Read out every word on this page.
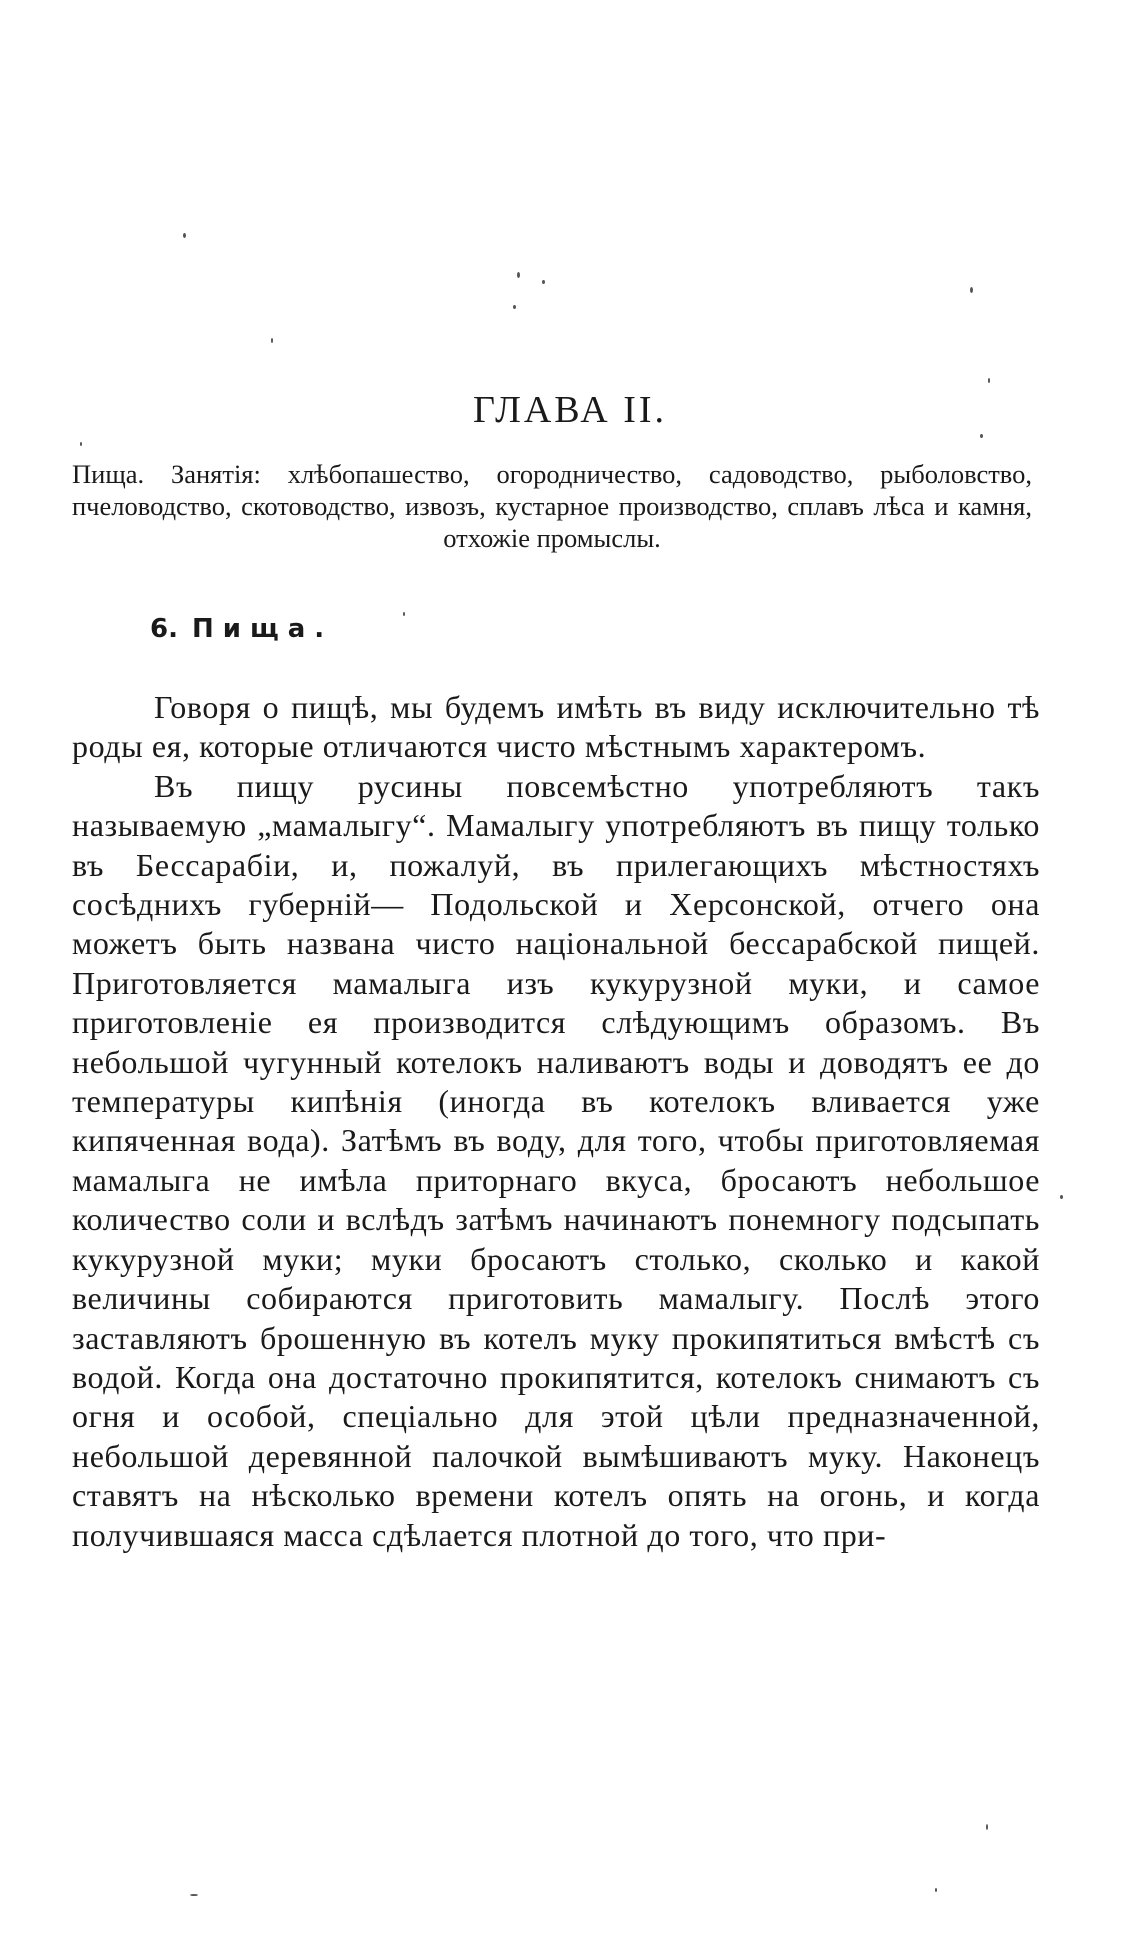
ГЛАВА II.

Пища. Занятія: хлѣбопашество, огородничество, садоводство, рыболовство, пчеловодство, скотоводство, извозъ, кустарное производство, сплавъ лѣса и камня, отхожіе промыслы.

6. Пища.

Говоря о пищѣ, мы будемъ имѣть въ виду исключительно тѣ роды ея, которые отличаются чисто мѣстнымъ характеромъ.

Въ пищу русины повсемѣстно употребляютъ такъ называемую „мамалыгу“. Мамалыгу употребляютъ въ пищу только въ Бессарабіи, и, пожалуй, въ прилегающихъ мѣстностяхъ сосѣднихъ губерній— Подольской и Херсонской, отчего она можетъ быть названа чисто національной бессарабской пищей. Приготовляется мамалыга изъ кукурузной муки, и самое приготовленіе ея производится слѣдующимъ образомъ. Въ небольшой чугунный котелокъ наливаютъ воды и доводятъ ее до температуры кипѣнія (иногда въ котелокъ вливается уже кипяченная вода). Затѣмъ въ воду, для того, чтобы приготовляемая мамалыга не имѣла приторнаго вкуса, бросаютъ небольшое количество соли и вслѣдъ затѣмъ начинаютъ понемногу подсыпать кукурузной муки; муки бросаютъ столько, сколько и какой величины собираются приготовить мамалыгу. Послѣ этого заставляютъ брошенную въ котелъ муку прокипятиться вмѣстѣ съ водой. Когда она достаточно прокипятится, котелокъ снимаютъ съ огня и особой, спеціально для этой цѣли предназначенной, небольшой деревянной палочкой вымѣшиваютъ муку. Наконецъ ставятъ на нѣсколько времени котелъ опять на огонь, и когда получившаяся масса сдѣлается плотной до того, что при-
